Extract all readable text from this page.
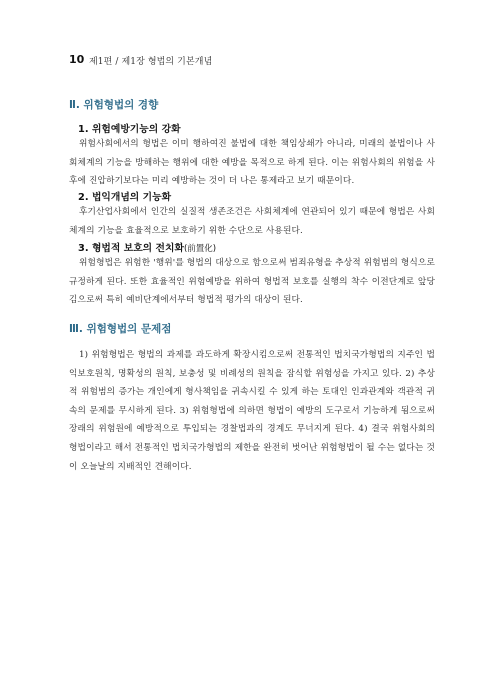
10 제1편 / 제1장 형법의 기본개념
Ⅱ. 위험형법의 경향
1. 위험예방기능의 강화
위험사회에서의 형법은 이미 행하여진 불법에 대한 책임상쇄가 아니라, 미래의 불법이나 사회체계의 기능을 방해하는 행위에 대한 예방을 목적으로 하게 된다. 이는 위험사회의 위험을 사후에 진압하기보다는 미리 예방하는 것이 더 나은 통제라고 보기 때문이다.
2. 법익개념의 기능화
후기산업사회에서 인간의 실질적 생존조건은 사회체계에 연관되어 있기 때문에 형법은 사회체계의 기능을 효율적으로 보호하기 위한 수단으로 사용된다.
3. 형법적 보호의 전치화(前置化)
위험형법은 위험한 '행위'를 형법의 대상으로 함으로써 범죄유형을 추상적 위험범의 형식으로 규정하게 된다. 또한 효율적인 위험예방을 위하여 형법적 보호를 실행의 착수 이전단계로 앞당김으로써 특히 예비단계에서부터 형법적 평가의 대상이 된다.
Ⅲ. 위험형법의 문제점
1) 위험형법은 형법의 과제를 과도하게 확장시킴으로써 전통적인 법치국가형법의 지주인 법익보호원칙, 명확성의 원칙, 보충성 및 비례성의 원칙을 잠식할 위험성을 가지고 있다. 2) 추상적 위험범의 증가는 개인에게 형사책임을 귀속시킬 수 있게 하는 토대인 인과관계와 객관적 귀속의 문제를 무시하게 된다. 3) 위험형법에 의하면 형법이 예방의 도구로서 기능하게 됨으로써 장래의 위험원에 예방적으로 투입되는 경찰법과의 경계도 무너지게 된다. 4) 결국 위험사회의 형법이라고 해서 전통적인 법치국가형법의 제한을 완전히 벗어난 위험형법이 될 수는 없다는 것이 오늘날의 지배적인 견해이다.
